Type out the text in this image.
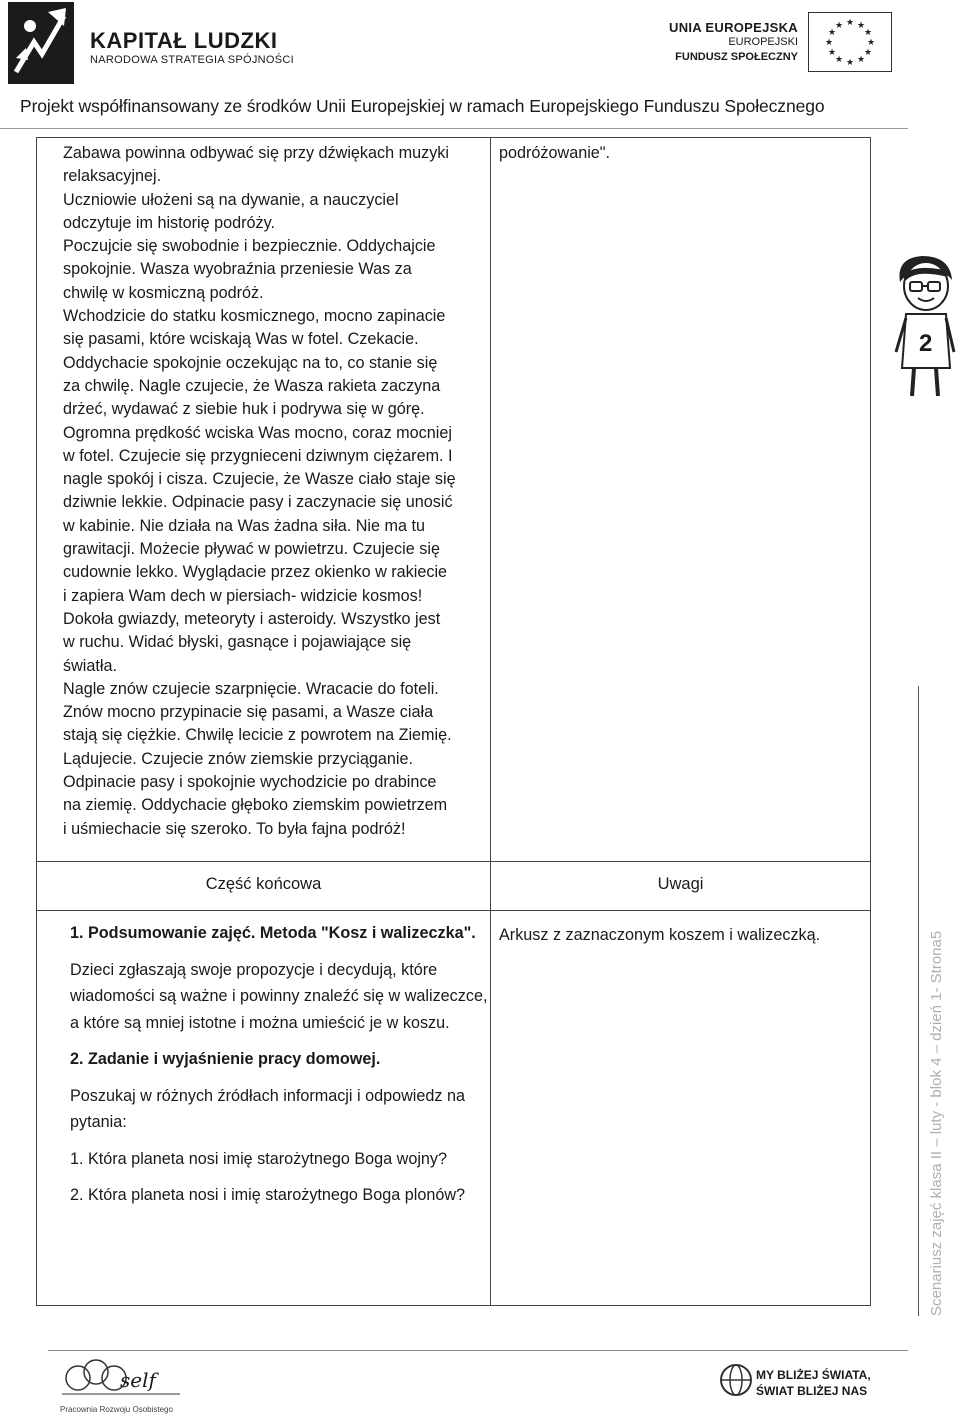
KAPITAŁ LUDZKI
NARODOWA STRATEGIA SPÓJNOŚCI
UNIA EUROPEJSKA
EUROPEJSKI
FUNDUSZ SPOŁECZNY
★ ★
★
★
★
★
★
★
★
★
★
★
Projekt współfinansowany ze środków Unii Europejskiej w ramach Europejskiego Funduszu Społecznego
Zabawa powinna odbywać się przy dźwiękach muzyki
relaksacyjnej.
Uczniowie ułożeni są na dywanie, a nauczyciel
odczytuje im historię podróży.
Poczujcie się swobodnie i bezpiecznie. Oddychajcie
spokojnie. Wasza wyobraźnia przeniesie Was za
chwilę w kosmiczną podróż.
Wchodzicie do statku kosmicznego, mocno zapinacie
się pasami, które wciskają Was w fotel. Czekacie.
Oddychacie spokojnie oczekując na to, co stanie się
za chwilę. Nagle czujecie, że Wasza rakieta zaczyna
drżeć, wydawać z siebie huk i podrywa się w górę.
Ogromna prędkość wciska Was mocno, coraz mocniej
w fotel. Czujecie się przygnieceni dziwnym ciężarem. I
nagle spokój i cisza. Czujecie, że Wasze ciało staje się
dziwnie lekkie. Odpinacie pasy i zaczynacie się unosić
w kabinie. Nie działa na Was żadna siła. Nie ma tu
grawitacji. Możecie pływać w powietrzu. Czujecie się
cudownie lekko. Wyglądacie przez okienko w rakiecie
i zapiera Wam dech w piersiach- widzicie kosmos!
Dokoła gwiazdy, meteoryty i asteroidy. Wszystko jest
w ruchu. Widać błyski, gasnące i pojawiające się
światła.
Nagle znów czujecie szarpnięcie. Wracacie do foteli.
Znów mocno przypinacie się pasami, a Wasze ciała
stają się ciężkie. Chwilę lecicie z powrotem na Ziemię.
Lądujecie. Czujecie znów ziemskie przyciąganie.
Odpinacie pasy i spokojnie wychodzicie po drabince
na ziemię. Oddychacie głęboko ziemskim powietrzem
i uśmiechacie się szeroko. To była fajna podróż!
podróżowanie".
Część końcowa	Uwagi

1. Podsumowanie zajęć. Metoda "Kosz i walizeczka".

Dzieci zgłaszają swoje propozycje i decydują, które wiadomości są ważne i powinny znaleźć się w walizeczce, a które są mniej istotne i można umieścić je w koszu.

2. Zadanie i wyjaśnienie pracy domowej.

Poszukaj w różnych źródłach informacji i odpowiedz na pytania:

1. Która planeta nosi imię starożytnego Boga wojny?

2. Która planeta nosi i imię starożytnego Boga plonów?

Arkusz z zaznaczonym koszem i walizeczką.
2
Scenariusz zajęć klasa II – luty - blok 4 – dzień 1- Strona5
self
Pracownia Rozwoju Osobistego
MY BLIŻEJ ŚWIATA,
ŚWIAT BLIŻEJ NAS
